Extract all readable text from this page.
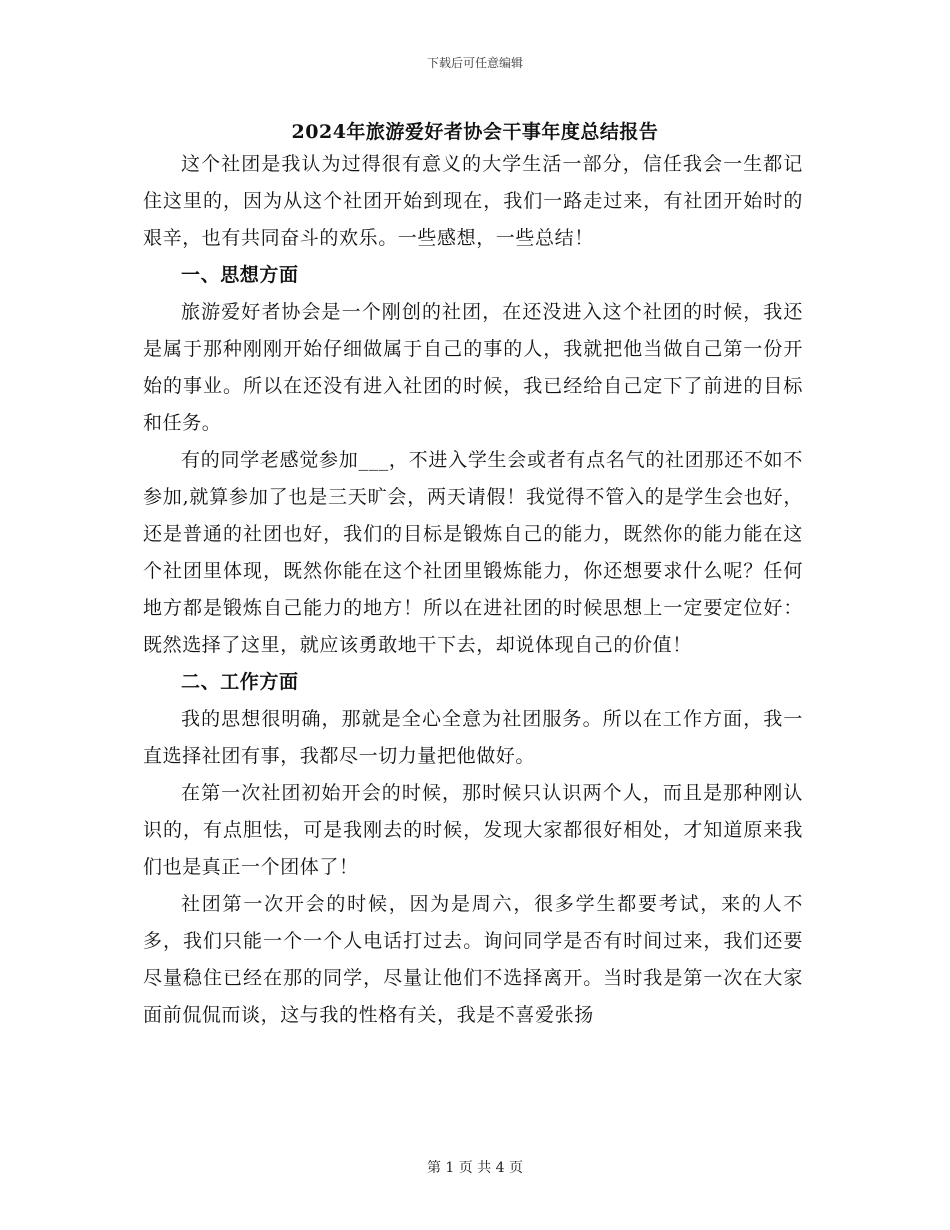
下载后可任意编辑
2024年旅游爱好者协会干事年度总结报告

这个社团是我认为过得很有意义的大学生活一部分，信任我会一生都记住这里的，因为从这个社团开始到现在，我们一路走过来，有社团开始时的艰辛，也有共同奋斗的欢乐。一些感想，一些总结！

一、思想方面

旅游爱好者协会是一个刚创的社团，在还没进入这个社团的时候，我还是属于那种刚刚开始仔细做属于自己的事的人，我就把他当做自己第一份开始的事业。所以在还没有进入社团的时候，我已经给自己定下了前进的目标和任务。

有的同学老感觉参加___，不进入学生会或者有点名气的社团那还不如不参加,就算参加了也是三天旷会，两天请假！我觉得不管入的是学生会也好，还是普通的社团也好，我们的目标是锻炼自己的能力，既然你的能力能在这个社团里体现，既然你能在这个社团里锻炼能力，你还想要求什么呢？任何地方都是锻炼自己能力的地方！所以在进社团的时候思想上一定要定位好：既然选择了这里，就应该勇敢地干下去，却说体现自己的价值！

二、工作方面

我的思想很明确，那就是全心全意为社团服务。所以在工作方面，我一直选择社团有事，我都尽一切力量把他做好。

在第一次社团初始开会的时候，那时候只认识两个人，而且是那种刚认识的，有点胆怯，可是我刚去的时候，发现大家都很好相处，才知道原来我们也是真正一个团体了！

社团第一次开会的时候，因为是周六，很多学生都要考试，来的人不多，我们只能一个一个人电话打过去。询问同学是否有时间过来，我们还要尽量稳住已经在那的同学，尽量让他们不选择离开。当时我是第一次在大家面前侃侃而谈，这与我的性格有关，我是不喜爱张扬

第 1 页 共 4 页
